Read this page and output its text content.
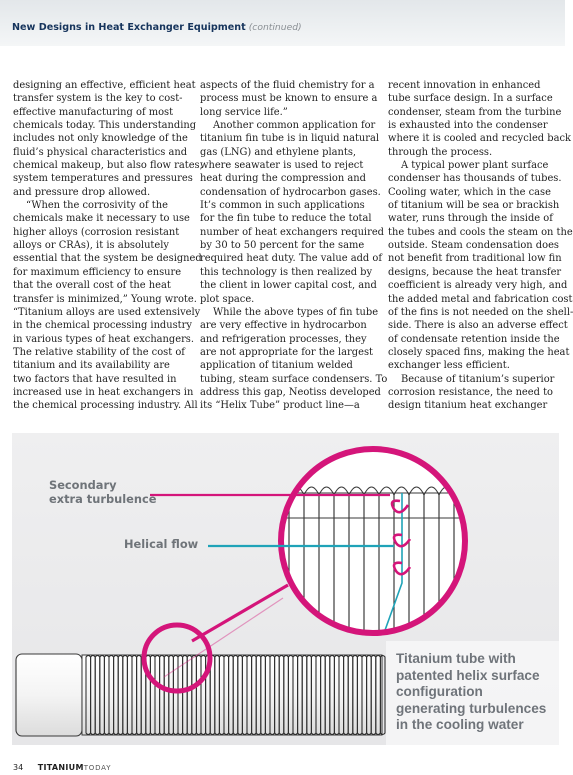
New Designs in Heat Exchanger Equipment (continued)

designing an effective, efficient heat
transfer system is the key to cost-
effective manufacturing of most
chemicals today. This understanding
includes not only knowledge of the
fluid’s physical characteristics and
chemical makeup, but also flow rates,
system temperatures and pressures
and pressure drop allowed.

“When the corrosivity of the
chemicals make it necessary to use
higher alloys (corrosion resistant
alloys or CRAs), it is absolutely
essential that the system be designed
for maximum efficiency to ensure
that the overall cost of the heat
transfer is minimized,” Young wrote.
“Titanium alloys are used extensively
in the chemical processing industry
in various types of heat exchangers.
The relative stability of the cost of
titanium and its availability are
two factors that have resulted in
increased use in heat exchangers in
the chemical processing industry. All

aspects of the fluid chemistry for a
process must be known to ensure a
long service life.”

Another common application for
titanium fin tube is in liquid natural
gas (LNG) and ethylene plants,
where seawater is used to reject
heat during the compression and
condensation of hydrocarbon gases.
It’s common in such applications
for the fin tube to reduce the total
number of heat exchangers required
by 30 to 50 percent for the same
required heat duty. The value add of
this technology is then realized by
the client in lower capital cost, and
plot space.

While the above types of fin tube
are very effective in hydrocarbon
and refrigeration processes, they
are not appropriate for the largest
application of titanium welded
tubing, steam surface condensers. To
address this gap, Neotiss developed
its “Helix Tube” product line—a

recent innovation in enhanced
tube surface design. In a surface
condenser, steam from the turbine
is exhausted into the condenser
where it is cooled and recycled back
through the process.

A typical power plant surface
condenser has thousands of tubes.
Cooling water, which in the case
of titanium will be sea or brackish
water, runs through the inside of
the tubes and cools the steam on the
outside. Steam condensation does
not benefit from traditional low fin
designs, because the heat transfer
coefficient is already very high, and
the added metal and fabrication cost
of the fins is not needed on the shell-
side. There is also an adverse effect
of condensate retention inside the
closely spaced fins, making the heat
exchanger less efficient.

Because of titanium’s superior
corrosion resistance, the need to
design titanium heat exchanger

Secondary
extra turbulence
Helical flow
Titanium tube with
patented helix surface
configuration
generating turbulences
in the cooling water
34 TITANIUMTODAY
